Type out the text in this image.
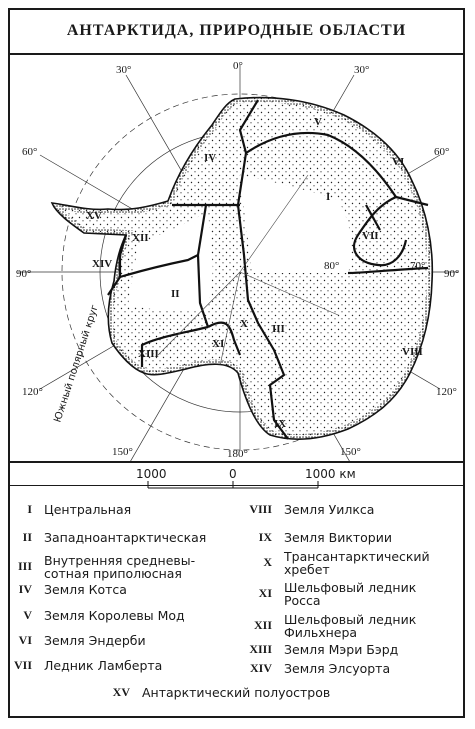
АНТАРКТИДА, ПРИРОДНЫЕ ОБЛАСТИ
30°	0°	30°
60°	60°
90°	90°
120°	120°
150°	180°	150°
80°	70°
Южный полярный круг
I
II
III
IV
V
VI
VII
VIII
IX
X
XI
XII
XIII
XIV
XV
1000	0	1000 км
I Центральная
II Западноантарктическая
III Внутренняя средневы-
сотная приполюсная
IV Земля Котса
V Земля Королевы Мод
VI Земля Эндерби
VII Ледник Ламберта
VIII Земля Уилкса
IX Земля Виктории
X Трансантарктический
хребет
XI Шельфовый ледник
Росса
XII Шельфовый ледник
Фильхнера
XIII Земля Мэри Бэрд
XIV Земля Элсуорта
XV Антарктический полуостров
